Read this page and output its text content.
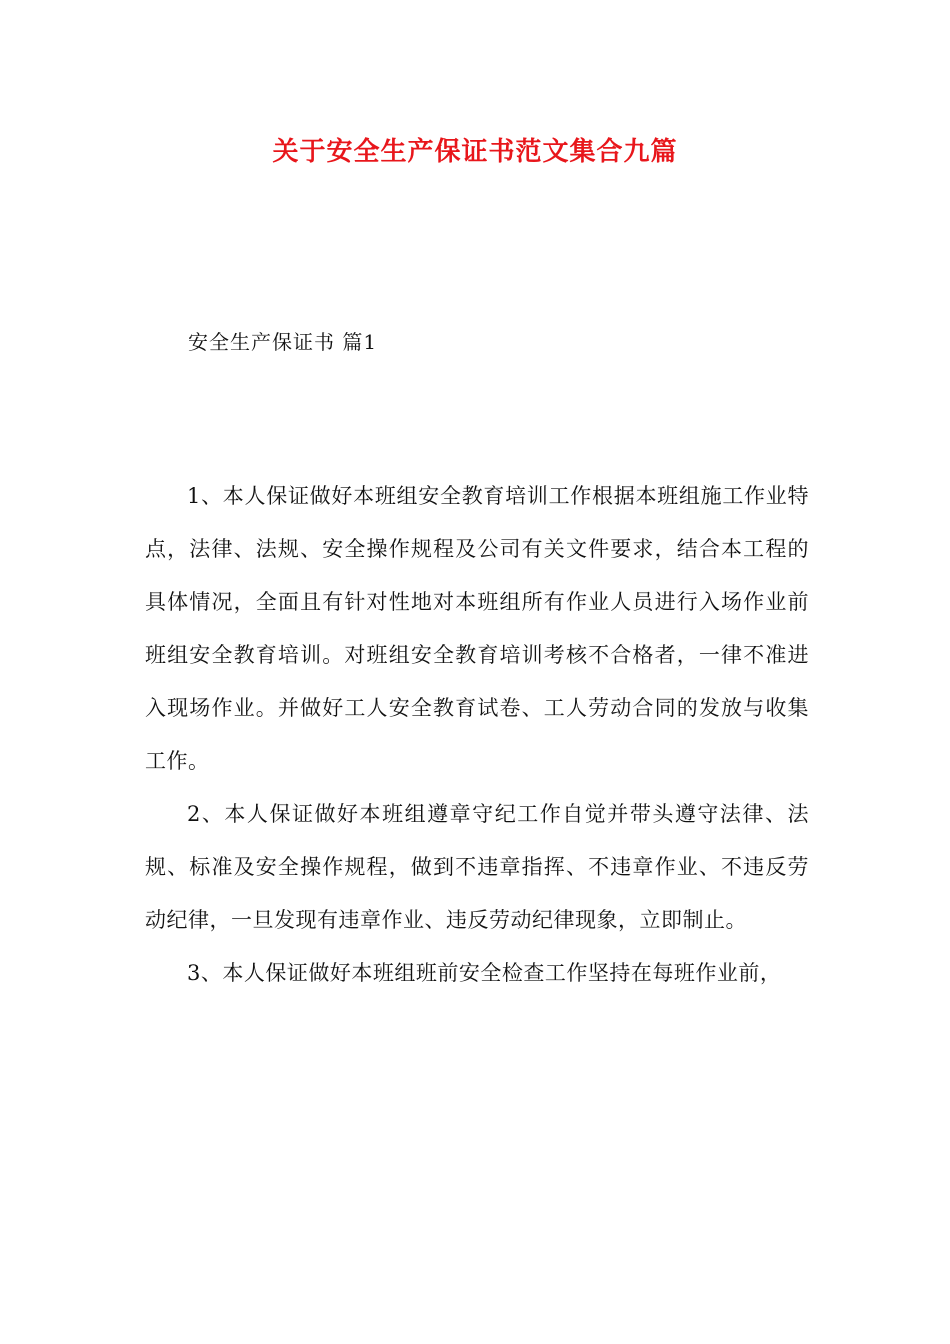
关于安全生产保证书范文集合九篇
安全生产保证书 篇1

1、本人保证做好本班组安全教育培训工作根据本班组施工作业特点，法律、法规、安全操作规程及公司有关文件要求，结合本工程的具体情况，全面且有针对性地对本班组所有作业人员进行入场作业前班组安全教育培训。对班组安全教育培训考核不合格者，一律不准进入现场作业。并做好工人安全教育试卷、工人劳动合同的发放与收集工作。

2、本人保证做好本班组遵章守纪工作自觉并带头遵守法律、法规、标准及安全操作规程，做到不违章指挥、不违章作业、不违反劳动纪律，一旦发现有违章作业、违反劳动纪律现象，立即制止。

3、本人保证做好本班组班前安全检查工作坚持在每班作业前，
